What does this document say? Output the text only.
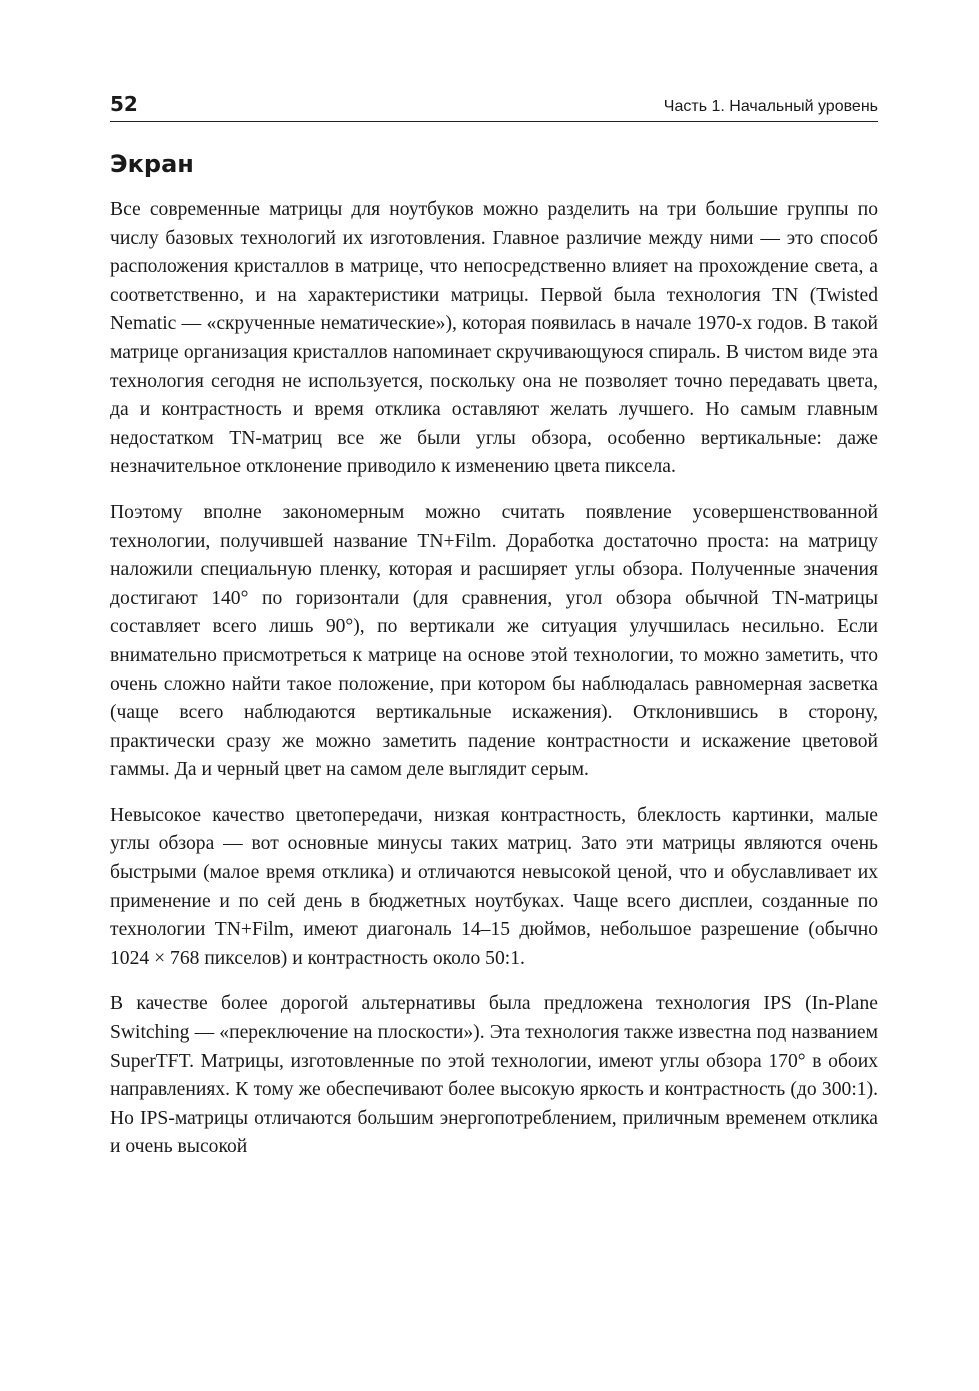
52	Часть 1. Начальный уровень
Экран

Все современные матрицы для ноутбуков можно разделить на три большие группы по числу базовых технологий их изготовления. Главное различие между ними — это способ расположения кристаллов в матрице, что непосредственно влияет на прохождение света, а соответственно, и на характеристики матрицы. Первой была технология TN (Twisted Nematic — «скрученные нематические»), которая появилась в начале 1970-х годов. В такой матрице организация кристаллов напоминает скручивающуюся спираль. В чистом виде эта технология сегодня не используется, поскольку она не позволяет точно передавать цвета, да и контрастность и время отклика оставляют желать лучшего. Но самым главным недостатком TN-матриц все же были углы обзора, особенно вертикальные: даже незначительное отклонение приводило к изменению цвета пиксела.

Поэтому вполне закономерным можно считать появление усовершенствованной технологии, получившей название TN+Film. Доработка достаточно проста: на матрицу наложили специальную пленку, которая и расширяет углы обзора. Полученные значения достигают 140° по горизонтали (для сравнения, угол обзора обычной TN-матрицы составляет всего лишь 90°), по вертикали же ситуация улучшилась несильно. Если внимательно присмотреться к матрице на основе этой технологии, то можно заметить, что очень сложно найти такое положение, при котором бы наблюдалась равномерная засветка (чаще всего наблюдаются вертикальные искажения). Отклонившись в сторону, практически сразу же можно заметить падение контрастности и искажение цветовой гаммы. Да и черный цвет на самом деле выглядит серым.

Невысокое качество цветопередачи, низкая контрастность, блеклость картинки, малые углы обзора — вот основные минусы таких матриц. Зато эти матрицы являются очень быстрыми (малое время отклика) и отличаются невысокой ценой, что и обуславливает их применение и по сей день в бюджетных ноутбуках. Чаще всего дисплеи, созданные по технологии TN+Film, имеют диагональ 14–15 дюймов, небольшое разрешение (обычно 1024 × 768 пикселов) и контрастность около 50:1.

В качестве более дорогой альтернативы была предложена технология IPS (In-Plane Switching — «переключение на плоскости»). Эта технология также известна под названием SuperTFT. Матрицы, изготовленные по этой технологии, имеют углы обзора 170° в обоих направлениях. К тому же обеспечивают более высокую яркость и контрастность (до 300:1). Но IPS-матрицы отличаются большим энергопотреблением, приличным временем отклика и очень высокой
